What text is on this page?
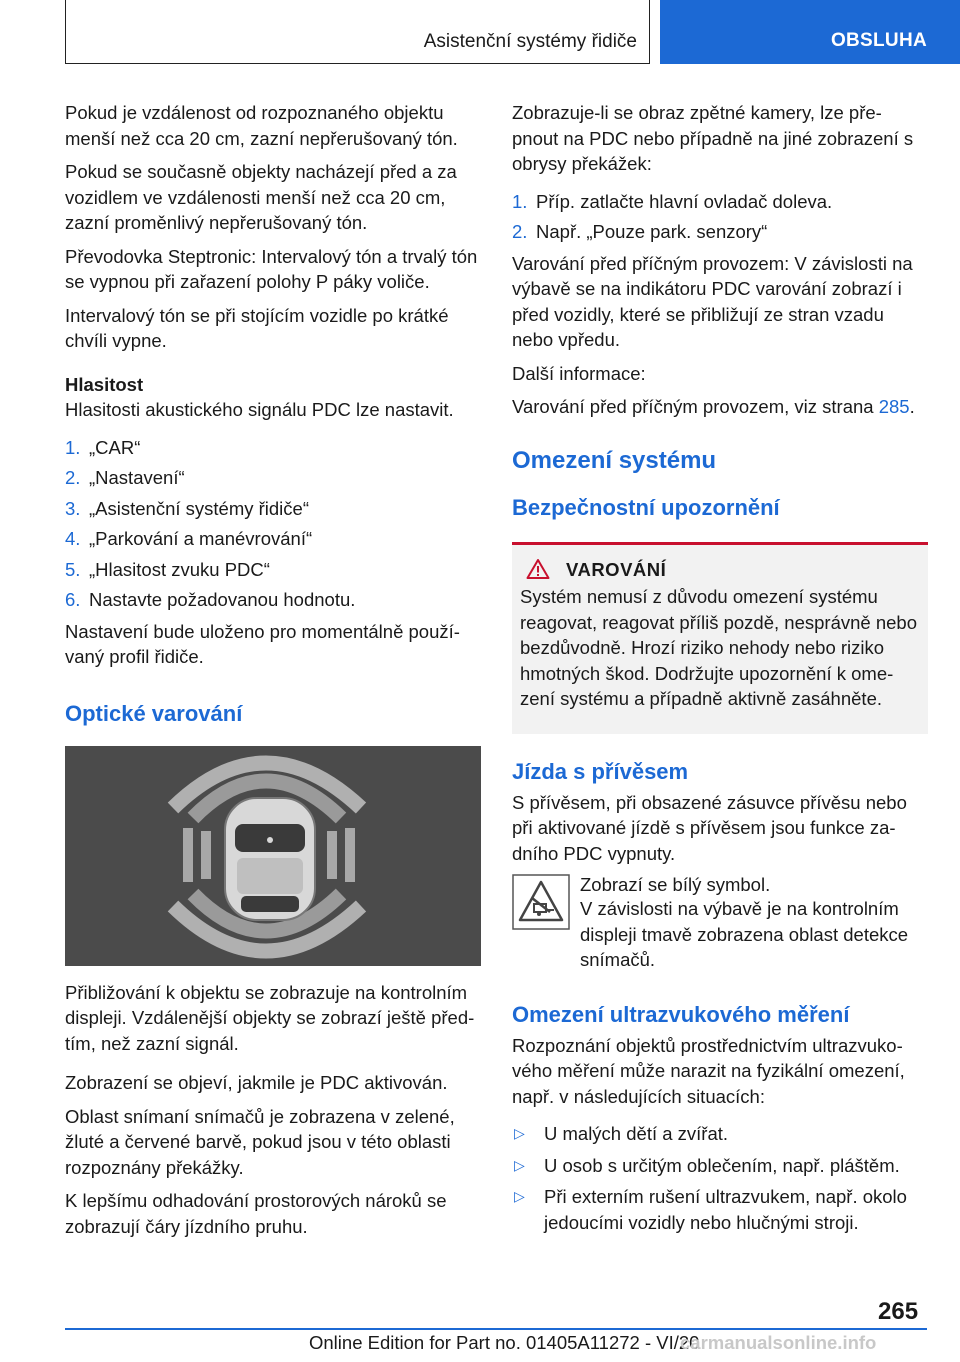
Asistenční systémy řidiče	OBSLUHA

Pokud je vzdálenost od rozpoznaného objektu menší než cca 20 cm, zazní nepřerušovaný tón.

Pokud se současně objekty nacházejí před a za vozidlem ve vzdálenosti menší než cca 20 cm, zazní proměnlivý nepřerušovaný tón.

Převodovka Steptronic: Intervalový tón a trvalý tón se vypnou při zařazení polohy P páky voliče.

Intervalový tón se při stojícím vozidle po krátké chvíli vypne.

Hlasitost

Hlasitosti akustického signálu PDC lze nastavit.

1. „CAR“
2. „Nastavení“
3. „Asistenční systémy řidiče“
4. „Parkování a manévrování“
5. „Hlasitost zvuku PDC“
6. Nastavte požadovanou hodnotu.

Nastavení bude uloženo pro momentálně použí‐vaný profil řidiče.

Optické varování

Přibližování k objektu se zobrazuje na kontrolním displeji. Vzdálenější objekty se zobrazí ještě před‐tím, než zazní signál.

Zobrazení se objeví, jakmile je PDC aktivován.

Oblast snímaní snímačů je zobrazena v zelené, žluté a červené barvě, pokud jsou v této oblasti rozpoznány překážky.

K lepšímu odhadování prostorových nároků se zobrazují čáry jízdního pruhu.

Zobrazuje-li se obraz zpětné kamery, lze pře‐pnout na PDC nebo případně na jiné zobrazení s obrysy překážek:

1. Příp. zatlačte hlavní ovladač doleva.
2. Např. „Pouze park. senzory“

Varování před příčným provozem: V závislosti na výbavě se na indikátoru PDC varování zobrazí i před vozidly, které se přibližují ze stran vzadu nebo vpředu.

Další informace:

Varování před příčným provozem, viz strana 285.

Omezení systému

Bezpečnostní upozornění

VAROVÁNÍ
Systém nemusí z důvodu omezení systému reagovat, reagovat příliš pozdě, nesprávně nebo bezdůvodně. Hrozí riziko nehody nebo riziko hmotných škod. Dodržujte upozornění k ome‐zení systému a případně aktivně zasáhněte.

Jízda s přívěsem

S přívěsem, při obsazené zásuvce přívěsu nebo při aktivované jízdě s přívěsem jsou funkce za‐dního PDC vypnuty.

Zobrazí se bílý symbol.

V závislosti na výbavě je na kontrolním displeji tmavě zobrazena oblast detekce snímačů.

Omezení ultrazvukového měření

Rozpoznání objektů prostřednictvím ultrazvuko‐vého měření může narazit na fyzikální omezení, např. v následujících situacích:

▷	U malých dětí a zvířat.
▷	U osob s určitým oblečením, např. pláštěm.
▷	Při externím rušení ultrazvukem, např. okolo jedoucími vozidly nebo hlučnými stroji.
265
Online Edition for Part no. 01405A11272 - VI/20
carmanualsonline.info
